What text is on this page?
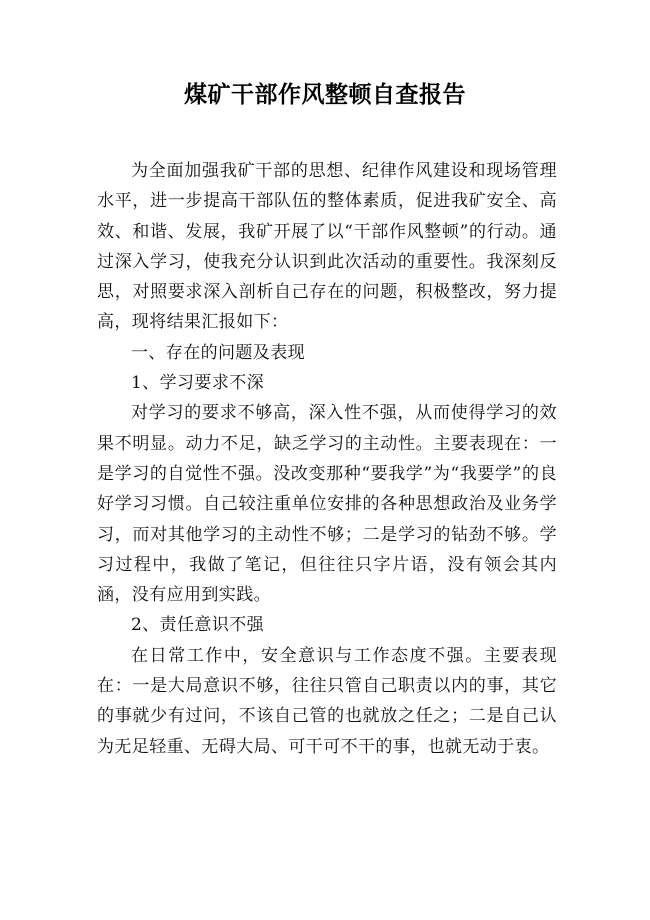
煤矿干部作风整顿自查报告

为全面加强我矿干部的思想、纪律作风建设和现场管理水平，进一步提高干部队伍的整体素质，促进我矿安全、高效、和谐、发展，我矿开展了以“干部作风整顿”的行动。通过深入学习，使我充分认识到此次活动的重要性。我深刻反思，对照要求深入剖析自己存在的问题，积极整改，努力提高，现将结果汇报如下：

一、存在的问题及表现

1、学习要求不深

对学习的要求不够高，深入性不强，从而使得学习的效果不明显。动力不足，缺乏学习的主动性。主要表现在：一是学习的自觉性不强。没改变那种“要我学”为“我要学”的良好学习习惯。自己较注重单位安排的各种思想政治及业务学习，而对其他学习的主动性不够；二是学习的钻劲不够。学习过程中，我做了笔记，但往往只字片语，没有领会其内涵，没有应用到实践。

2、责任意识不强

在日常工作中，安全意识与工作态度不强。主要表现在：一是大局意识不够，往往只管自己职责以内的事，其它的事就少有过问，不该自己管的也就放之任之；二是自己认为无足轻重、无碍大局、可干可不干的事，也就无动于衷。
